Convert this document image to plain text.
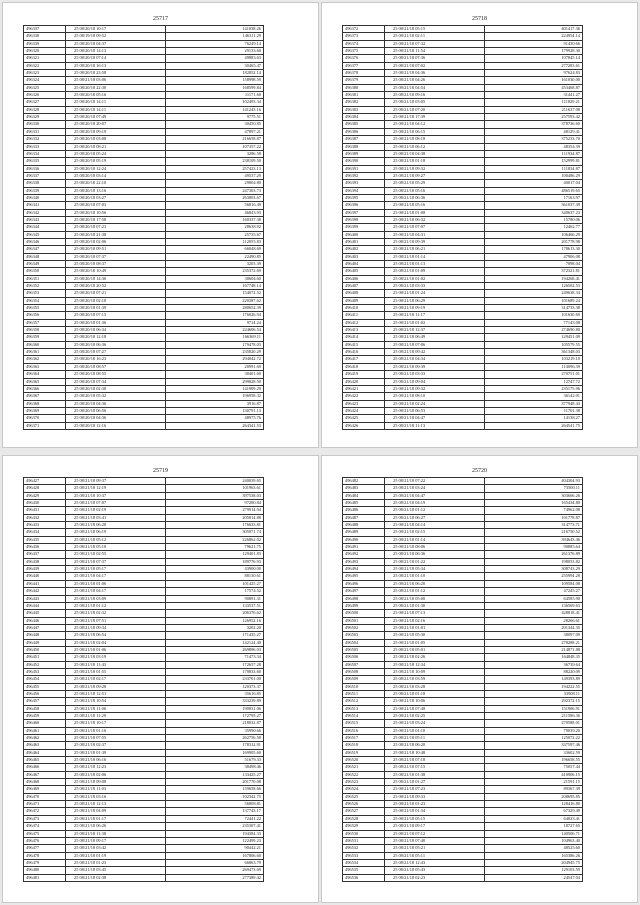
25717
496337	25 08/20/18 10:17	141038.26
496338	25 08/19/18 09:52	146311.29
496339	25 08/20/18 04:37	76249.14
496320	25 08/20/18 14:13	29133.60
496321	25 08/20/18 07:14	49883.63
496322	25 08/20/18 16:13	30465.47
496323	25 08/20/18 23:58	182852.14
496324	25 08/21/18 03:06	158998.59
496325	25 08/20/18 22:30	168599.84
496326	25 08/20/18 05:16	11171.60
496327	25 08/20/18 14:11	102493.34
496328	25 08/20/18 14:11	141243.16
496329	25 08/20/18 07:49	9775.51
496330	25 08/20/18 20:07	30450.85
496331	25 08/20/18 09:19	47897.21
496332	25 08/20/18 03:08	216658.87
496333	25 08/20/18 08:21	107357.22
496334	25 08/20/18 05:24	3286.58
496335	25 08/20/18 05:19	238109.50
496336	25 08/20/18 12:24	257423.13
496337	25 08/20/18 03:14	49537.29
496338	25 08/20/18 22:10	29804.80
496339	25 08/20/18 13:16	247303.73
496340	25 08/20/18 03:27	263803.67
496341	25 08/20/18 07:03	56816.49
496342	25 08/20/18 10:56	46843.93
496343	25 08/20/18 17:58	160337.38
496344	25 08/20/18 07:23	28638.92
496345	25 08/20/18 21:38	25735.67
496346	25 08/20/18 02:06	112055.83
496347	25 08/20/18 09:51	66048.69
496348	25 08/20/18 07:37	22490.85
496349	25 08/20/18 08:37	3203.39
496350	25 08/20/18 10:49	235372.69
496351	25 08/20/18 14:30	38604.60
496352	25 08/20/18 20:52	167748.14
496353	25 08/20/18 07:21	154072.52
496354	25 08/20/18 02:18	220387.62
496355	25 08/20/18 01:39	280652.39
496356	25 08/20/18 07:15	176026.94
496357	25 08/20/18 01:36	9714.24
496358	25 08/20/18 06:34	224606.54
496359	25 08/20/18 12:18	166369.11
496360	25 08/20/18 06:36	179478.03
496361	25 08/20/18 07:27	235820.29
496362	25 08/20/18 16:23	294042.72
496363	25 08/20/18 08:57	20991.69
496364	25 08/20/18 08:55	38401.60
496365	25 08/20/18 07:34	299828.50
496366	25 08/20/18 02:38	141909.29
496367	25 08/20/18 05:32	196958.32
496368	25 08/20/18 04:36	3916.87
496369	25 08/20/18 06:56	130791.13
496370	25 08/20/18 04:36	48975.76
496371	25 08/20/18 12:16	264341.53
25718
496372	25 08/21/18 05:15	401417.36
496373	25 08/21/18 02:11	224954.14
496374	25 08/21/18 07:32	91430.66
496375	25 08/21/18 11:54	179928.30
496376	25 08/21/18 07:36	107845.14
496377	25 08/21/18 07:02	277283.61
496378	25 08/21/18 04:36	97624.83
496379	25 08/21/18 04:26	161030.00
496380	25 08/21/18 04:54	453468.87
496381	25 08/21/18 09:16	31441.27
496382	25 08/21/18 03:05	111829.21
496383	25 08/21/18 07:20	211637.08
496384	25 08/21/18 17:39	257593.42
496385	25 08/21/18 04:12	378736.60
496386	25 08/21/18 06:15	48129.41
496387	25 08/21/18 08:18	375233.70
496388	25 08/21/18 06:12	48354.39
496389	25 08/21/18 04:38	111934.87
496390	25 08/21/18 01:18	152999.81
496391	25 08/21/18 09:32	111834.87
496392	25 08/21/18 09:27	100486.29
496393	25 08/21/18 05:29	40017.04
496394	25 08/21/18 05:16	486519.65
496395	25 08/21/18 06:36	17163.97
496396	25 08/21/18 05:16	361037.39
496397	25 08/21/18 01:08	340637.23
496398	25 08/21/18 06:32	15780.06
496399	25 08/21/18 07:07	12462.77
496400	25 08/21/18 04:31	106466.29
496401	25 08/21/18 09:39	201778.98
496402	25 08/21/18 06:21	178613.30
496403	25 08/21/18 01:14	47906.08
496404	25 08/21/18 01:13	7098.04
496405	25 08/21/18 01:09	372321.81
496406	25 08/21/18 01:02	194268.41
496407	25 08/21/18 03:33	126502.53
496408	25 08/21/18 01:24	249638.34
496409	25 08/21/18 06:29	101689.24
496410	25 08/21/18 09:19	314733.38
496411	25 08/21/18 11:17	101630.69
496412	25 08/21/18 01:02	77143.08
496413	25 08/21/18 12:37	274690.80
496414	25 08/21/18 06:49	129451.09
496415	25 08/21/18 07:06	105579.55
496416	25 08/21/18 09:42	361348.03
496417	25 08/21/18 04:34	103219.10
496418	25 08/21/18 09:39	114096.39
496419	25 08/21/18 03:33	270751.01
496420	25 08/21/18 09:04	12747.72
496421	25 08/21/18 09:32	235175.96
496422	25 08/21/18 08:10	36142.01
496423	25 08/21/18 02:24	377948.43
496424	25 08/21/18 06:53	11701.38
496425	25 08/21/18 04:47	14138.27
496426	25 08/21/18 11:13	264541.75
25719
496427	25 08/21/18 09:37	240039.65
496428	25 08/21/18 12:19	101963.61
496429	25 08/21/18 10:37	397538.03
496430	25 08/21/18 07:07	97280.84
496431	25 08/21/18 02:19	279914.94
496432	25 08/21/18 03:41	205814.88
496433	25 08/21/18 06:28	176633.81
496434	25 08/21/18 06:19	305071.74
496435	25 08/21/18 05:12	226862.02
496436	25 08/21/18 05:10	79621.75
496437	25 08/21/18 02:55	129401.83
496438	25 08/21/18 07:37	189776.93
496439	25 08/21/18 05:17	43900.00
496440	25 08/21/18 04:17	88130.61
496441	25 08/21/18 01:06	101425.27
496442	25 08/21/18 04:17	17574.52
496443	25 08/21/18 03:09	90891.31
496444	25 08/21/18 01:12	133537.51
496445	25 08/21/18 02:32	206376.62
496446	25 08/21/18 07:51	126952.16
496447	25 08/21/18 09:34	3202.20
496448	25 08/21/18 06:54	171435.27
496449	25 08/21/18 02:04	142124.40
496450	25 08/21/18 01:06	269896.03
496451	25 08/21/18 03:19	71473.34
496452	25 08/21/18 11:43	172657.28
496453	25 08/21/18 01:55	179833.60
496454	25 08/21/18 02:17	233701.00
496455	25 08/21/18 09:28	120373.37
496456	25 08/21/18 12:51	35616.85
496457	25 08/21/18 10:54	333239.89
496458	25 08/21/18 11:06	190831.06
496459	25 08/21/18 11:29	172795.27
496460	25 08/21/18 10:17	218032.87
496461	25 08/21/18 01:16	35990.66
496462	25 08/21/18 07:55	262756.58
496463	25 08/21/18 02:37	178312.91
496464	25 08/21/18 01:39	169905.60
496465	25 08/21/18 06:16	51679.33
496466	25 08/21/18 12:23	38498.46
496467	25 08/21/18 02:06	133425.27
496468	25 08/21/18 09:08	201770.08
496469	25 08/21/18 11:03	159658.66
496470	25 08/21/18 03:16	102342.75
496471	25 08/21/18 12:13	56808.81
496472	25 08/21/18 04:09	137743.17
496473	25 08/21/18 01:17	72441.22
496474	25 08/21/18 06:26	235307.41
496475	25 08/21/18 11:38	194384.33
496476	25 08/21/18 09:17	122499.23
496477	25 08/21/18 03:42	90442.21
496478	25 08/21/18 01:19	167806.60
496479	25 08/21/18 01:23	66863.79
496480	25 08/21/18 03:45	269473.69
496481	25 08/21/18 02:38	277389.42
25720
496482	25 08/21/18 07:22	404304.93
496483	25 08/21/18 03:24	73500.11
496484	25 08/21/18 04:47	303606.26
496485	25 08/21/18 04:19	165434.80
496486	25 08/21/18 01:12	74962.08
496487	25 08/21/18 06:27	101778.87
496488	25 08/21/18 04:14	314773.71
496489	25 08/21/18 02:15	216750.52
496490	25 08/21/18 01:14	394643.46
496491	25 08/21/18 08:06	90885.64
496492	25 08/21/18 06:36	261376.89
496493	25 08/21/18 01:22	198053.82
496494	25 08/21/18 05:34	308743.29
496495	25 08/21/18 01:10	255994.28
496496	25 08/21/18 06:20	109584.08
496497	25 08/21/18 01:12	47245.27
496498	25 08/21/18 05:00	64585.90
496499	25 08/21/18 01:30	136569.63
496500	25 08/21/18 07:13	428818.41
496501	25 08/21/18 02:16	28266.61
496502	25 08/21/18 01:01	201344.35
496503	25 08/21/18 05:30	38097.09
496504	25 08/21/18 01:05	278288.21
496505	25 08/21/18 05:01	214871.88
496506	25 08/21/18 02:26	164848.35
496507	25 08/21/18 12:34	36739.64
496508	25 08/21/18 10:09	88220.09
496509	25 08/21/18 03:59	149393.89
496510	25 08/21/18 03:28	194222.55
496511	25 08/21/18 01:18	33908.11
496512	25 08/21/18 10:06	292372.15
496513	25 08/21/18 07:48	151906.91
496514	25 08/21/18 02:25	211586.36
496515	25 08/21/18 03:24	270588.01
496516	25 08/21/18 01:10	79039.20
496517	25 08/21/18 05:11	125072.22
496518	25 08/21/18 06:20	337597.46
496519	25 08/21/18 10:48	33602.59
496520	25 08/21/18 07:18	196658.55
496521	25 08/21/18 07:15	75057.44
496522	25 08/21/18 01:38	410906.15
496523	25 08/21/18 01:27	21591.15
496524	25 08/21/18 07:23	89367.39
496525	25 08/21/18 09:33	208695.85
496526	25 08/21/18 01:23	128416.80
496527	25 08/21/18 01:34	67329.49
496528	25 08/21/18 05:15	64023.41
496529	25 08/21/18 09:17	18727.65
496530	25 08/21/18 07:12	140506.71
496531	25 08/21/18 07:40	104963.40
496532	25 08/21/18 05:21	48525.60
496533	25 08/21/18 05:11	165386.26
496534	25 08/21/18 12:43	204945.75
496535	25 08/21/18 05:43	129103.59
496536	25 08/21/18 02:23	24547.04
